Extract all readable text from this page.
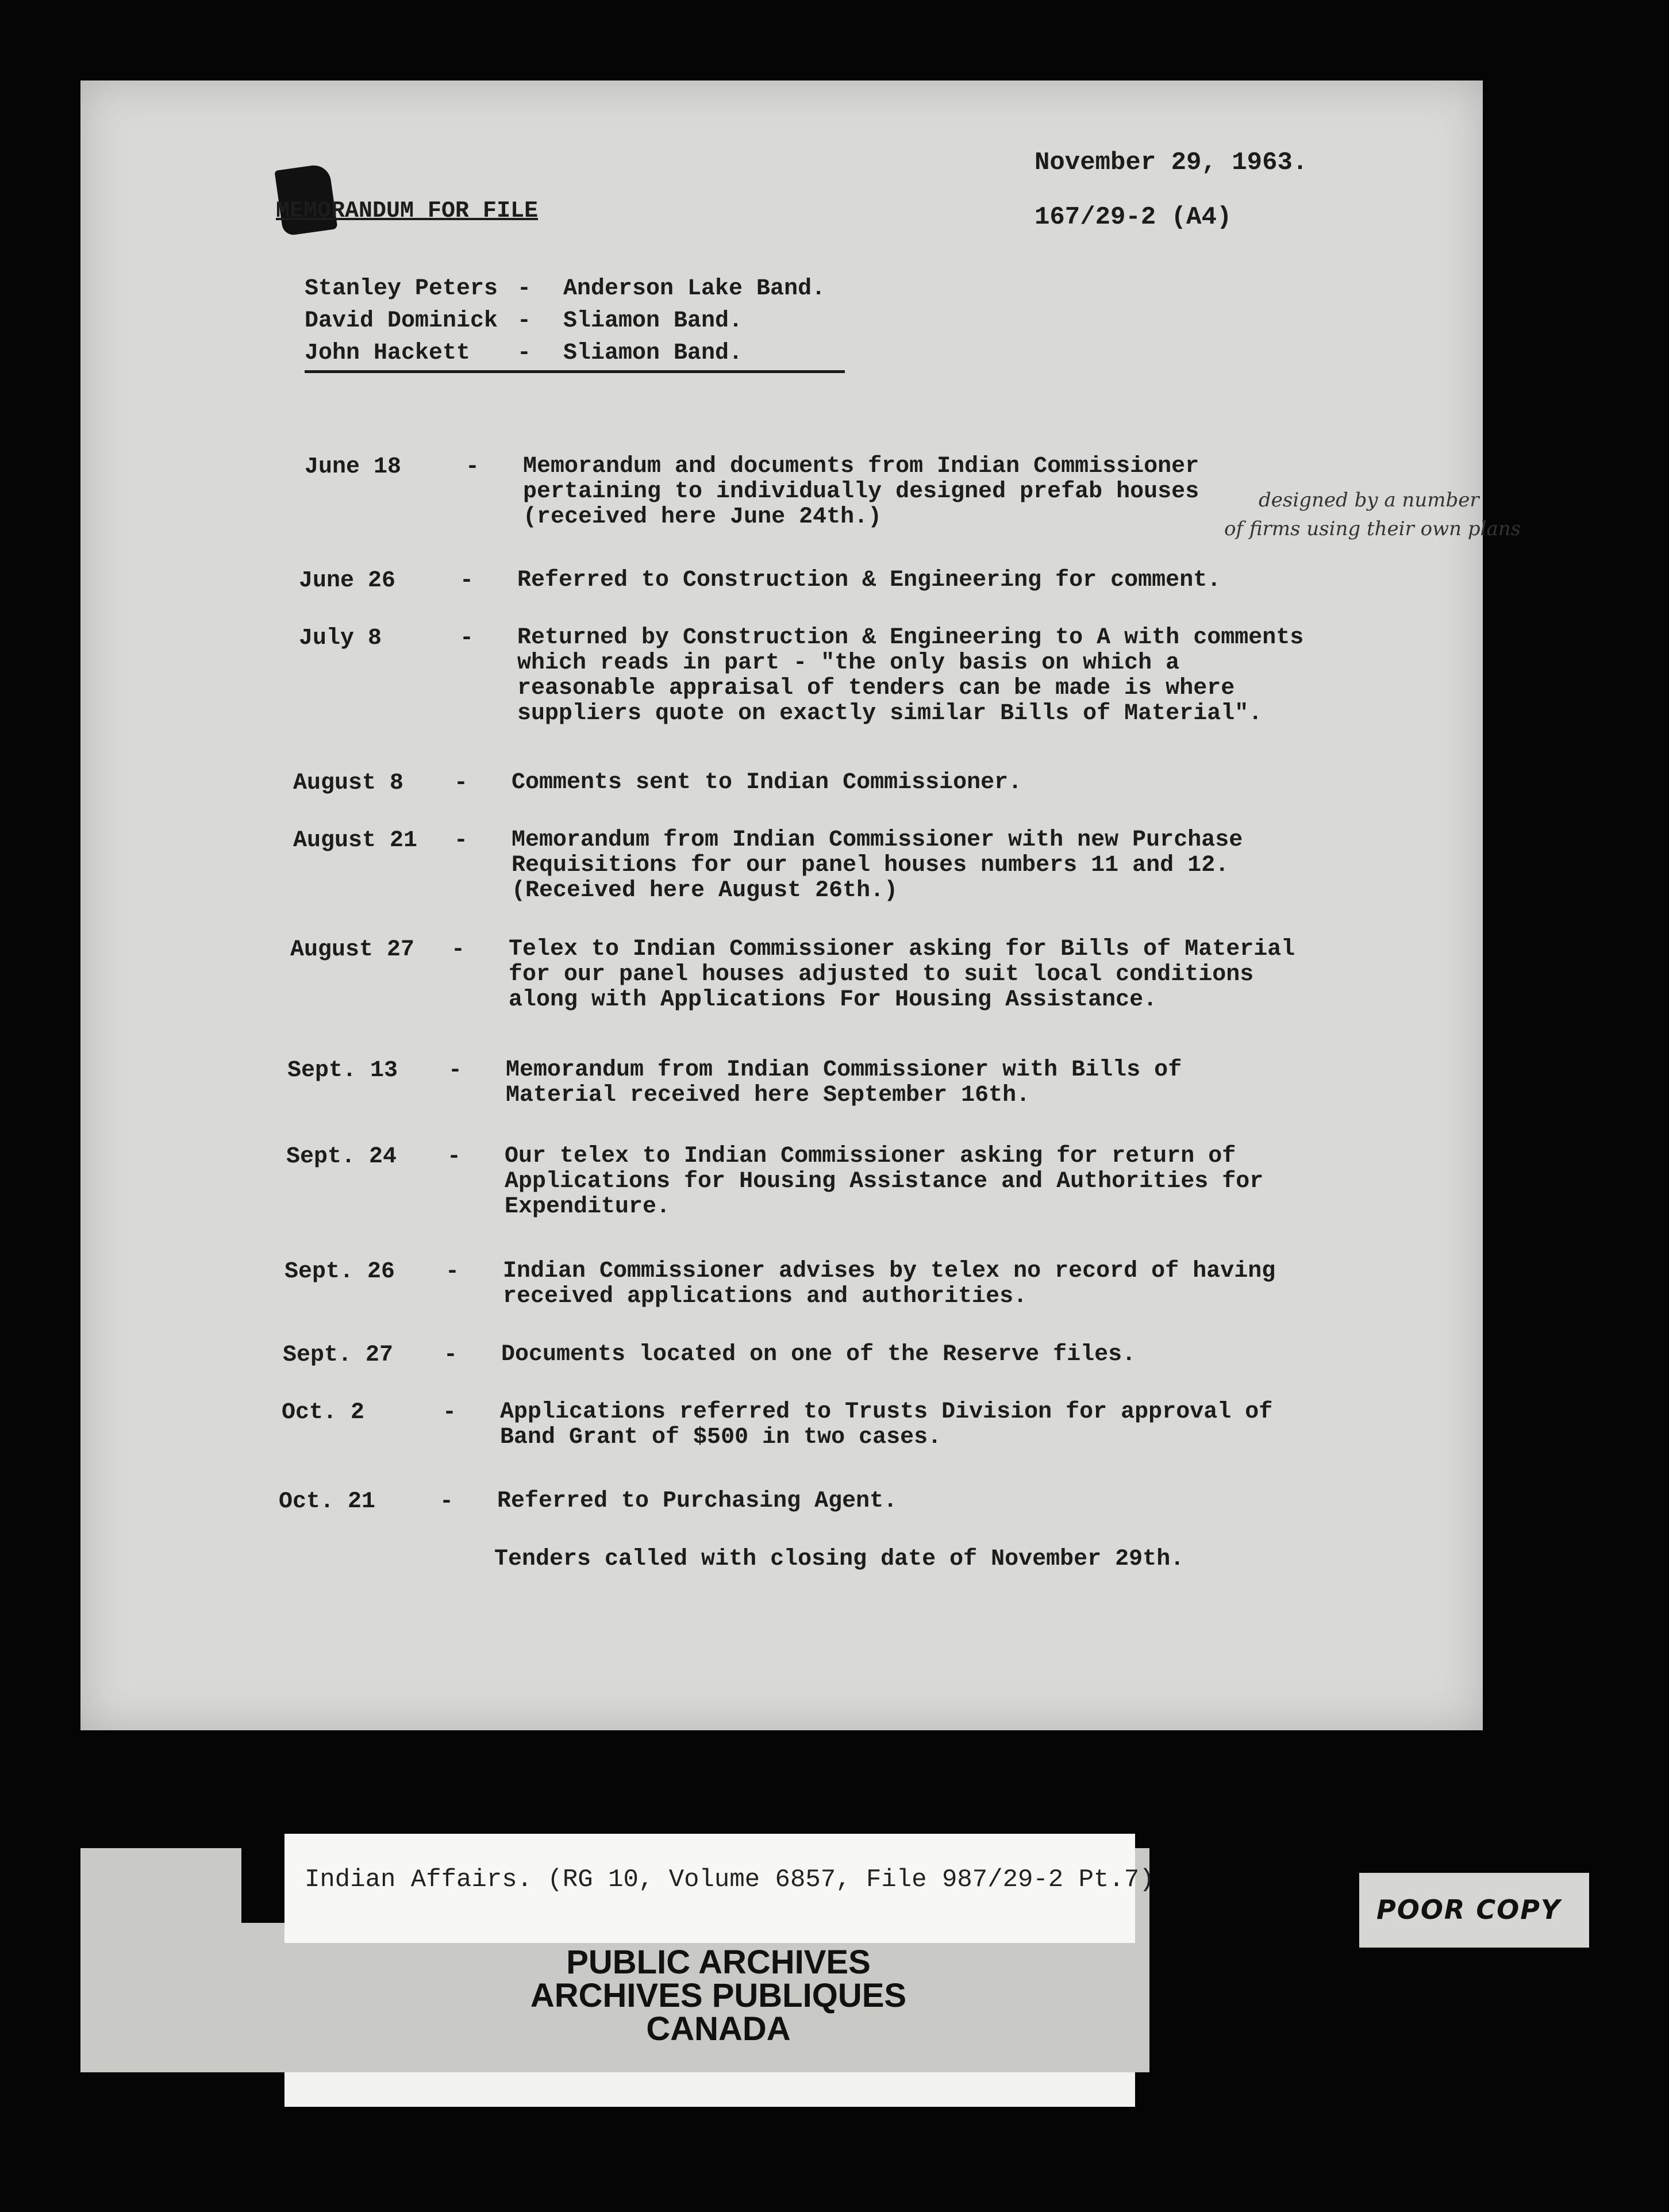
MEMORANDUM FOR FILE
November 29, 1963.
167/29-2 (A4)
Stanley Peters - Anderson Lake Band.
David Dominick - Sliamon Band.
John Hackett - Sliamon Band.
June 18	- Memorandum and documents from Indian Commissioner
pertaining to individually designed prefab houses
(received here June 24th.)
designed by a number
of firms using their own plans
June 26	- Referred to Construction & Engineering for comment.
July 8	- Returned by Construction & Engineering to A with comments
which reads in part - "the only basis on which a
reasonable appraisal of tenders can be made is where
suppliers quote on exactly similar Bills of Material".
August 8 - Comments sent to Indian Commissioner.
August 21 - Memorandum from Indian Commissioner with new Purchase
Requisitions for our panel houses numbers 11 and 12.
(Received here August 26th.)
August 27 - Telex to Indian Commissioner asking for Bills of Material
for our panel houses adjusted to suit local conditions
along with Applications For Housing Assistance.
Sept. 13 - Memorandum from Indian Commissioner with Bills of
Material received here September 16th.
Sept. 24 - Our telex to Indian Commissioner asking for return of
Applications for Housing Assistance and Authorities for
Expenditure.
Sept. 26 - Indian Commissioner advises by telex no record of having
received applications and authorities.
Sept. 27 - Documents located on one of the Reserve files.
Oct. 2	- Applications referred to Trusts Division for approval of
Band Grant of $500 in two cases.
Oct. 21	- Referred to Purchasing Agent.
Tenders called with closing date of November 29th.
Indian Affairs. (RG 10, Volume 6857, File 987/29-2 Pt.7)
PUBLIC ARCHIVES
ARCHIVES PUBLIQUES
CANADA
POOR COPY
